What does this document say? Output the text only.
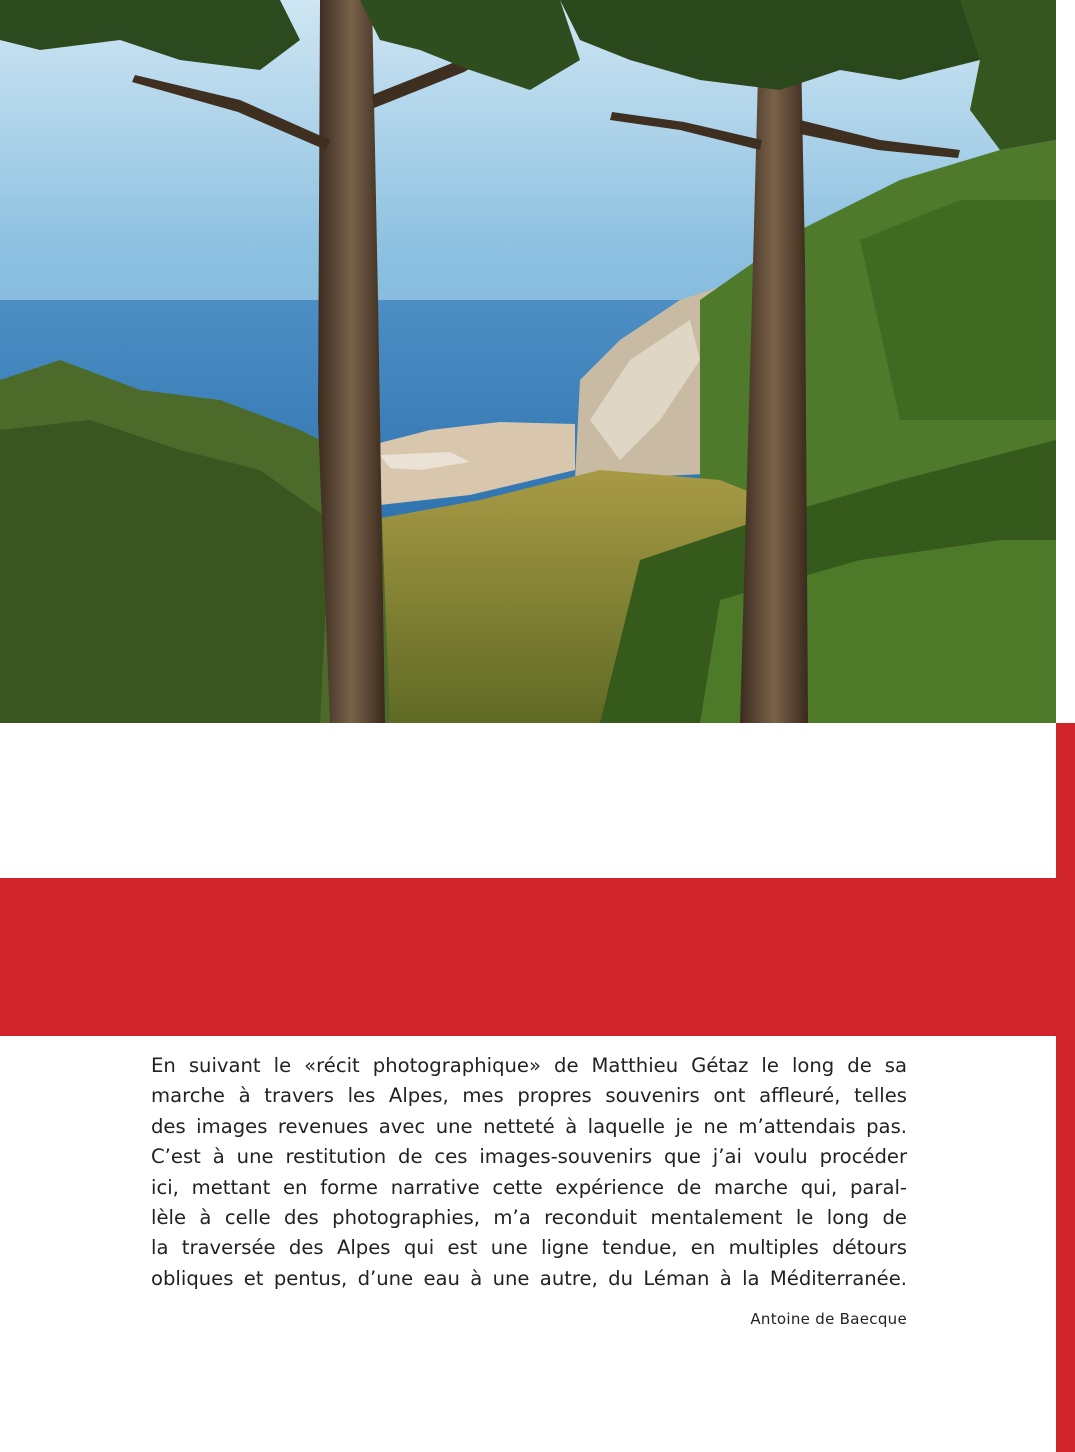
En suivant le «récit photographique» de Matthieu Gétaz le long de sa
marche à travers les Alpes, mes propres souvenirs ont affleuré, telles
des images revenues avec une netteté à laquelle je ne m’attendais pas.
C’est à une restitution de ces images-souvenirs que j’ai voulu procéder
ici, mettant en forme narrative cette expérience de marche qui, paral-
lèle à celle des photographies, m’a reconduit mentalement le long de
la traversée des Alpes qui est une ligne tendue, en multiples détours
obliques et pentus, d’une eau à une autre, du Léman à la Méditerranée.
Antoine de Baecque
